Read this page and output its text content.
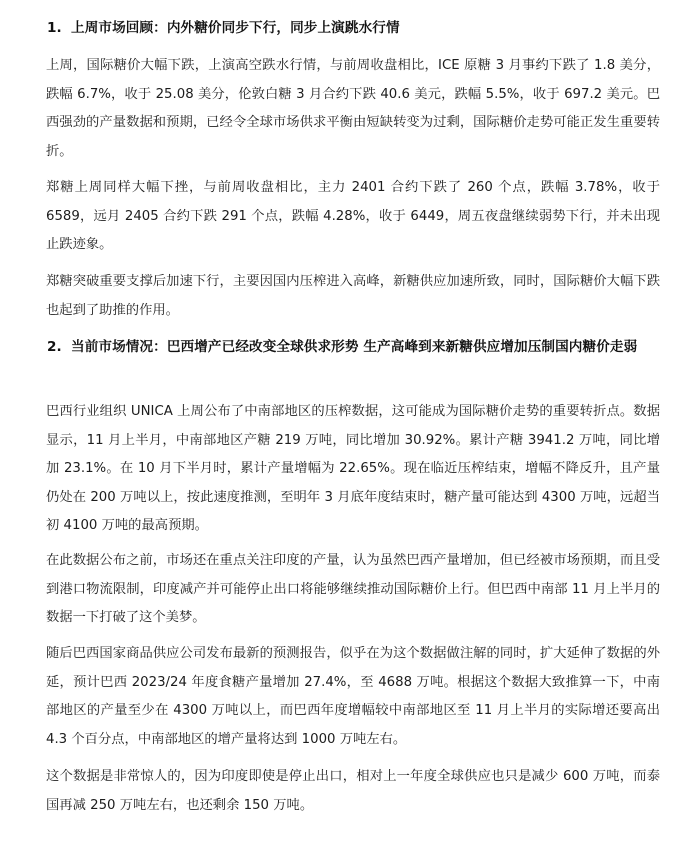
1. 上周市场回顾：内外糖价同步下行，同步上演跳水行情

上周，国际糖价大幅下跌，上演高空跌水行情，与前周收盘相比，ICE 原糖 3 月事约下跌了 1.8 美分，跌幅 6.7%，收于 25.08 美分，伦敦白糖 3 月合约下跌 40.6 美元，跌幅 5.5%，收于 697.2 美元。巴西强劲的产量数据和预期，已经令全球市场供求平衡由短缺转变为过剩，国际糖价走势可能正发生重要转折。

郑糖上周同样大幅下挫，与前周收盘相比，主力 2401 合约下跌了 260 个点，跌幅 3.78%，收于 6589，远月 2405 合约下跌 291 个点，跌幅 4.28%，收于 6449，周五夜盘继续弱势下行，并未出现止跌迹象。

郑糖突破重要支撑后加速下行，主要因国内压榨进入高峰，新糖供应加速所致，同时，国际糖价大幅下跌也起到了助推的作用。

2. 当前市场情况：巴西增产已经改变全球供求形势 生产高峰到来新糖供应增加压制国内糖价走弱

巴西行业组织 UNICA 上周公布了中南部地区的压榨数据，这可能成为国际糖价走势的重要转折点。数据显示，11 月上半月，中南部地区产糖 219 万吨，同比增加 30.92%。累计产糖 3941.2 万吨，同比增加 23.1%。在 10 月下半月时，累计产量增幅为 22.65%。现在临近压榨结束，增幅不降反升，且产量仍处在 200 万吨以上，按此速度推测，至明年 3 月底年度结束时，糖产量可能达到 4300 万吨，远超当初 4100 万吨的最高预期。

在此数据公布之前，市场还在重点关注印度的产量，认为虽然巴西产量增加，但已经被市场预期，而且受到港口物流限制，印度减产并可能停止出口将能够继续推动国际糖价上行。但巴西中南部 11 月上半月的数据一下打破了这个美梦。

随后巴西国家商品供应公司发布最新的预测报告，似乎在为这个数据做注解的同时，扩大延伸了数据的外延，预计巴西 2023/24 年度食糖产量增加 27.4%，至 4688 万吨。根据这个数据大致推算一下，中南部地区的产量至少在 4300 万吨以上，而巴西年度增幅较中南部地区至 11 月上半月的实际增还要高出 4.3 个百分点，中南部地区的增产量将达到 1000 万吨左右。

这个数据是非常惊人的，因为印度即使是停止出口，相对上一年度全球供应也只是减少 600 万吨，而泰国再减 250 万吨左右，也还剩余 150 万吨。
